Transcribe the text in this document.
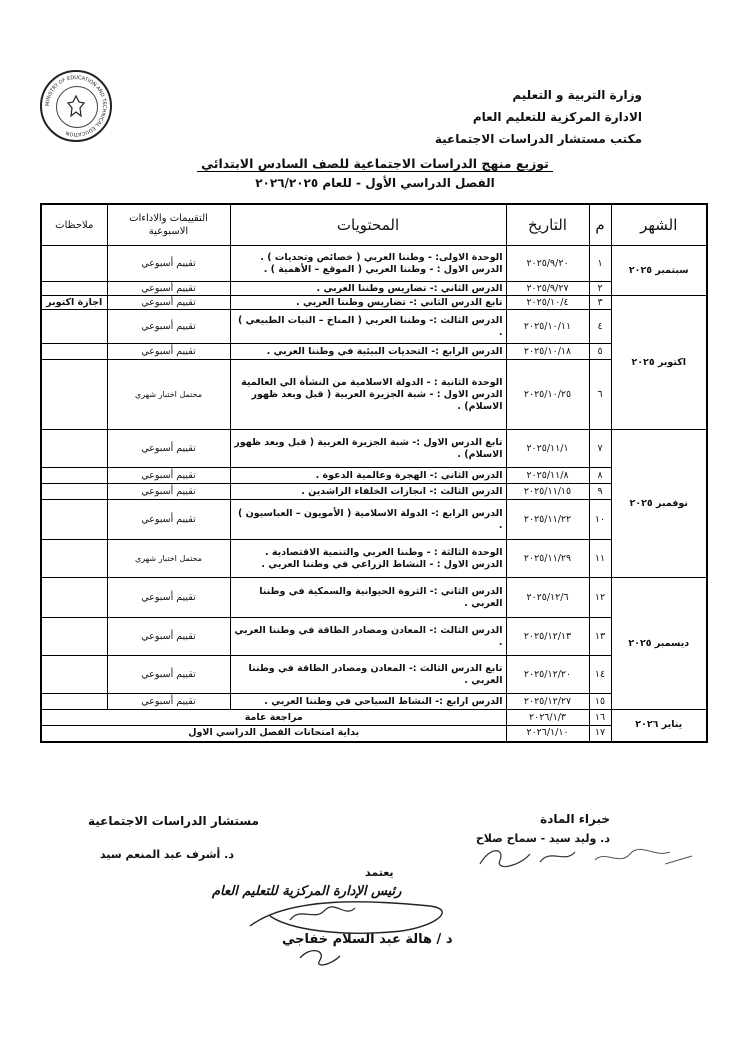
MINISTRY OF EDUCATION AND TECHNICAL EDUCATION
وزارة التربية و التعليم
الادارة المركزية للتعليم العام
مكتب مستشار الدراسات الاجتماعية
توزيع منهج الدراسات الاجتماعية للصف السادس الابتدائي
الفصل الدراسي الأول - للعام ٢٠٢٦/٢٠٢٥
الشهر	م	التاريخ	المحتويات	التقييمات والاداءات الاسبوعية	ملاحظات
سبتمبر ٢٠٢٥	١	٢٠٢٥/٩/٢٠	الوحدة الاولى: - وطننا العربي ( خصائص وتحديات ) . الدرس الاول : - وطننا العربي ( الموقع – الأهمية ) .	تقييم أسبوعي	
	٢	٢٠٢٥/٩/٢٧	الدرس الثاني :- تضاريس وطننا العربي .	تقييم أسبوعي	
اكتوبر ٢٠٢٥	٣	٢٠٢٥/١٠/٤	تابع الدرس الثاني :- تضاريس وطننا العربي .	تقييم أسبوعي	اجازة اكتوبر
	٤	٢٠٢٥/١٠/١١	الدرس الثالث :- وطننا العربي ( المناخ – النبات الطبيعي ) .	تقييم أسبوعي	
	٥	٢٠٢٥/١٠/١٨	الدرس الرابع :- التحديات البيئية في وطننا العربي .	تقييم أسبوعي	
	٦	٢٠٢٥/١٠/٢٥	الوحدة الثانية : - الدولة الاسلامية من النشأة الي العالمية الدرس الاول : - شبة الجزيرة العربية ( قبل وبعد ظهور الاسلام) .	محتمل اختبار شهري	
نوفمبر ٢٠٢٥	٧	٢٠٢٥/١١/١	تابع الدرس الاول :- شبة الجزيرة العربية ( قبل وبعد ظهور الاسلام) .	تقييم أسبوعي	
	٨	٢٠٢٥/١١/٨	الدرس الثاني :- الهجرة وعالمية الدعوة .	تقييم أسبوعي	
	٩	٢٠٢٥/١١/١٥	الدرس الثالث :- انجازات الخلفاء الراشدين .	تقييم أسبوعي	
	١٠	٢٠٢٥/١١/٢٢	الدرس الرابع :- الدولة الاسلامية ( الأمويون – العباسيون ) .	تقييم أسبوعي	
	١١	٢٠٢٥/١١/٢٩	الوحدة الثالثة : - وطننا العربي والتنمية الاقتصادية . الدرس الاول : - النشاط الزراعي في وطننا العربي .	محتمل اختبار شهري	
ديسمبر ٢٠٢٥	١٢	٢٠٢٥/١٢/٦	الدرس الثاني :- الثروة الحيوانية والسمكية في وطننا العربي .	تقييم أسبوعي	
	١٣	٢٠٢٥/١٢/١٣	الدرس الثالث :- المعادن ومصادر الطاقة في وطننا العربي .	تقييم أسبوعي	
	١٤	٢٠٢٥/١٢/٢٠	تابع الدرس الثالث :- المعادن ومصادر الطاقة في وطننا العربي .	تقييم أسبوعي	
	١٥	٢٠٢٥/١٢/٢٧	الدرس ارابع :- النشاط السياحي في وطننا العربي .	تقييم أسبوعي	
يناير ٢٠٢٦	١٦	٢٠٢٦/١/٣	مراجعة عامة		
	١٧	٢٠٢٦/١/١٠	بداية امتحانات الفصل الدراسي الاول		
خبراء المادة
د. وليد سيد - سماح صلاح
مستشار الدراسات الاجتماعية
د. أشرف عبد المنعم سيد
يعتمد
رئيس الإدارة المركزية للتعليم العام
د / هالة عبد السلام خفاجي
